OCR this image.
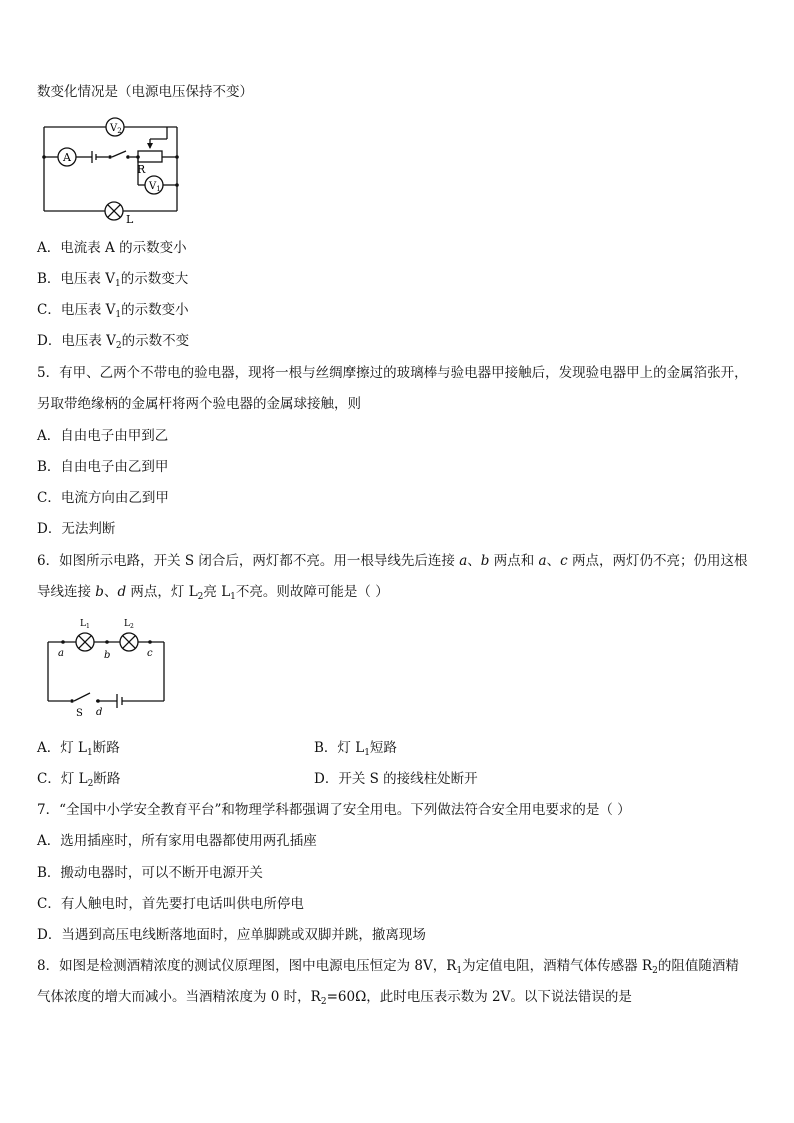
数变化情况是（电源电压保持不变）
A
$V_2$
$V_1$
R
L
A．电流表 A 的示数变小
B．电压表 $V_1$的示数变大
C．电压表 $V_1$的示数变小
D．电压表 $V_2$的示数不变
5．有甲、乙两个不带电的验电器，现将一根与丝绸摩擦过的玻璃棒与验电器甲接触后，发现验电器甲上的金属箔张开，
另取带绝缘柄的金属杆将两个验电器的金属球接触，则
A．自由电子由甲到乙
B．自由电子由乙到甲
C．电流方向由乙到甲
D．无法判断
6．如图所示电路，开关 S 闭合后，两灯都不亮。用一根导线先后连接 a、b 两点和 a、c 两点，两灯仍不亮；仍用这根
导线连接 b、d 两点，灯 $L_2$亮 $L_1$不亮。则故障可能是（ ）
$L_1$	$L_2$
a	b	c
d
S
A．灯 $L_1$断路	B．灯 $L_1$短路
C．灯 $L_2$断路	D．开关 S 的接线柱处断开
7．“全国中小学安全教育平台”和物理学科都强调了安全用电。下列做法符合安全用电要求的是（ ）
A．选用插座时，所有家用电器都使用两孔插座
B．搬动电器时，可以不断开电源开关
C．有人触电时，首先要打电话叫供电所停电
D．当遇到高压电线断落地面时，应单脚跳或双脚并跳，撤离现场
8．如图是检测酒精浓度的测试仪原理图，图中电源电压恒定为 8V，$R_1$为定值电阻，酒精气体传感器 $R_2$的阻值随酒精
气体浓度的增大而减小。当酒精浓度为 0 时，$R_2=60\Omega$，此时电压表示数为 2V。以下说法错误的是
